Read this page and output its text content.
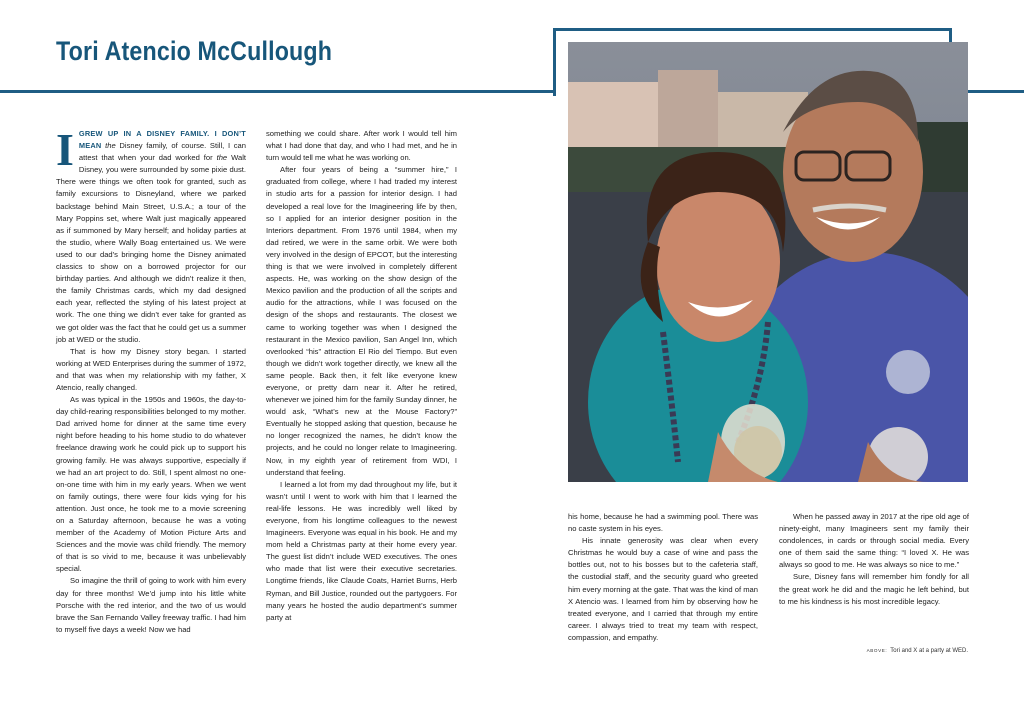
Tori Atencio McCullough

IGREW UP IN A DISNEY FAMILY. I DON’T MEAN the Disney family, of course. Still, I can attest that when your dad worked for the Walt Disney, you were surrounded by some pixie dust. There were things we often took for granted, such as family excursions to Disneyland, where we parked backstage behind Main Street, U.S.A.; a tour of the Mary Poppins set, where Walt just magically appeared as if summoned by Mary herself; and holiday parties at the studio, where Wally Boag entertained us. We were used to our dad’s bringing home the Disney animated classics to show on a borrowed projector for our birthday parties. And although we didn’t realize it then, the family Christmas cards, which my dad designed each year, reflected the styling of his latest project at work. The one thing we didn’t ever take for granted as we got older was the fact that he could get us a summer job at WED or the studio.

That is how my Disney story began. I started working at WED Enterprises during the summer of 1972, and that was when my relationship with my father, X Atencio, really changed.

As was typical in the 1950s and 1960s, the day-to-day child-rearing responsibilities belonged to my mother. Dad arrived home for dinner at the same time every night before heading to his home studio to do whatever freelance drawing work he could pick up to support his growing family. He was always supportive, especially if we had an art project to do. Still, I spent almost no one-on-one time with him in my early years. When we went on family outings, there were four kids vying for his attention. Just once, he took me to a movie screening on a Saturday afternoon, because he was a voting member of the Academy of Motion Picture Arts and Sciences and the movie was child friendly. The memory of that is so vivid to me, because it was unbelievably special.

So imagine the thrill of going to work with him every day for three months! We’d jump into his little white Porsche with the red interior, and the two of us would brave the San Fernando Valley freeway traffic. I had him to myself five days a week! Now we had

something we could share. After work I would tell him what I had done that day, and who I had met, and he in turn would tell me what he was working on.

After four years of being a “summer hire,” I graduated from college, where I had traded my interest in studio arts for a passion for interior design. I had developed a real love for the Imagineering life by then, so I applied for an interior designer position in the Interiors department. From 1976 until 1984, when my dad retired, we were in the same orbit. We were both very involved in the design of EPCOT, but the interesting thing is that we were involved in completely different aspects. He, was working on the show design of the Mexico pavilion and the production of all the scripts and audio for the attractions, while I was focused on the design of the shops and restaurants. The closest we came to working together was when I designed the restaurant in the Mexico pavilion, San Angel Inn, which overlooked “his” attraction El Rio del Tiempo. But even though we didn’t work together directly, we knew all the same people. Back then, it felt like everyone knew everyone, or pretty darn near it. After he retired, whenever we joined him for the family Sunday dinner, he would ask, “What’s new at the Mouse Factory?” Eventually he stopped asking that question, because he no longer recognized the names, he didn’t know the projects, and he could no longer relate to Imagineering. Now, in my eighth year of retirement from WDI, I understand that feeling.

I learned a lot from my dad throughout my life, but it wasn’t until I went to work with him that I learned the real-life lessons. He was incredibly well liked by everyone, from his longtime colleagues to the newest Imagineers. Everyone was equal in his book. He and my mom held a Christmas party at their home every year. The guest list didn’t include WED executives. The ones who made that list were their executive secretaries. Longtime friends, like Claude Coats, Harriet Burns, Herb Ryman, and Bill Justice, rounded out the partygoers. For many years he hosted the audio department’s summer party at

his home, because he had a swimming pool. There was no caste system in his eyes.

His innate generosity was clear when every Christmas he would buy a case of wine and pass the bottles out, not to his bosses but to the cafeteria staff, the custodial staff, and the security guard who greeted him every morning at the gate. That was the kind of man X Atencio was. I learned from him by observing how he treated everyone, and I carried that through my entire career. I always tried to treat my team with respect, compassion, and empathy.

When he passed away in 2017 at the ripe old age of ninety-eight, many Imagineers sent my family their condolences, in cards or through social media. Every one of them said the same thing: “I loved X. He was always so good to me. He was always so nice to me.”

Sure, Disney fans will remember him fondly for all the great work he did and the magic he left behind, but to me his kindness is his most incredible legacy.

ABOVE: Tori and X at a party at WED.
